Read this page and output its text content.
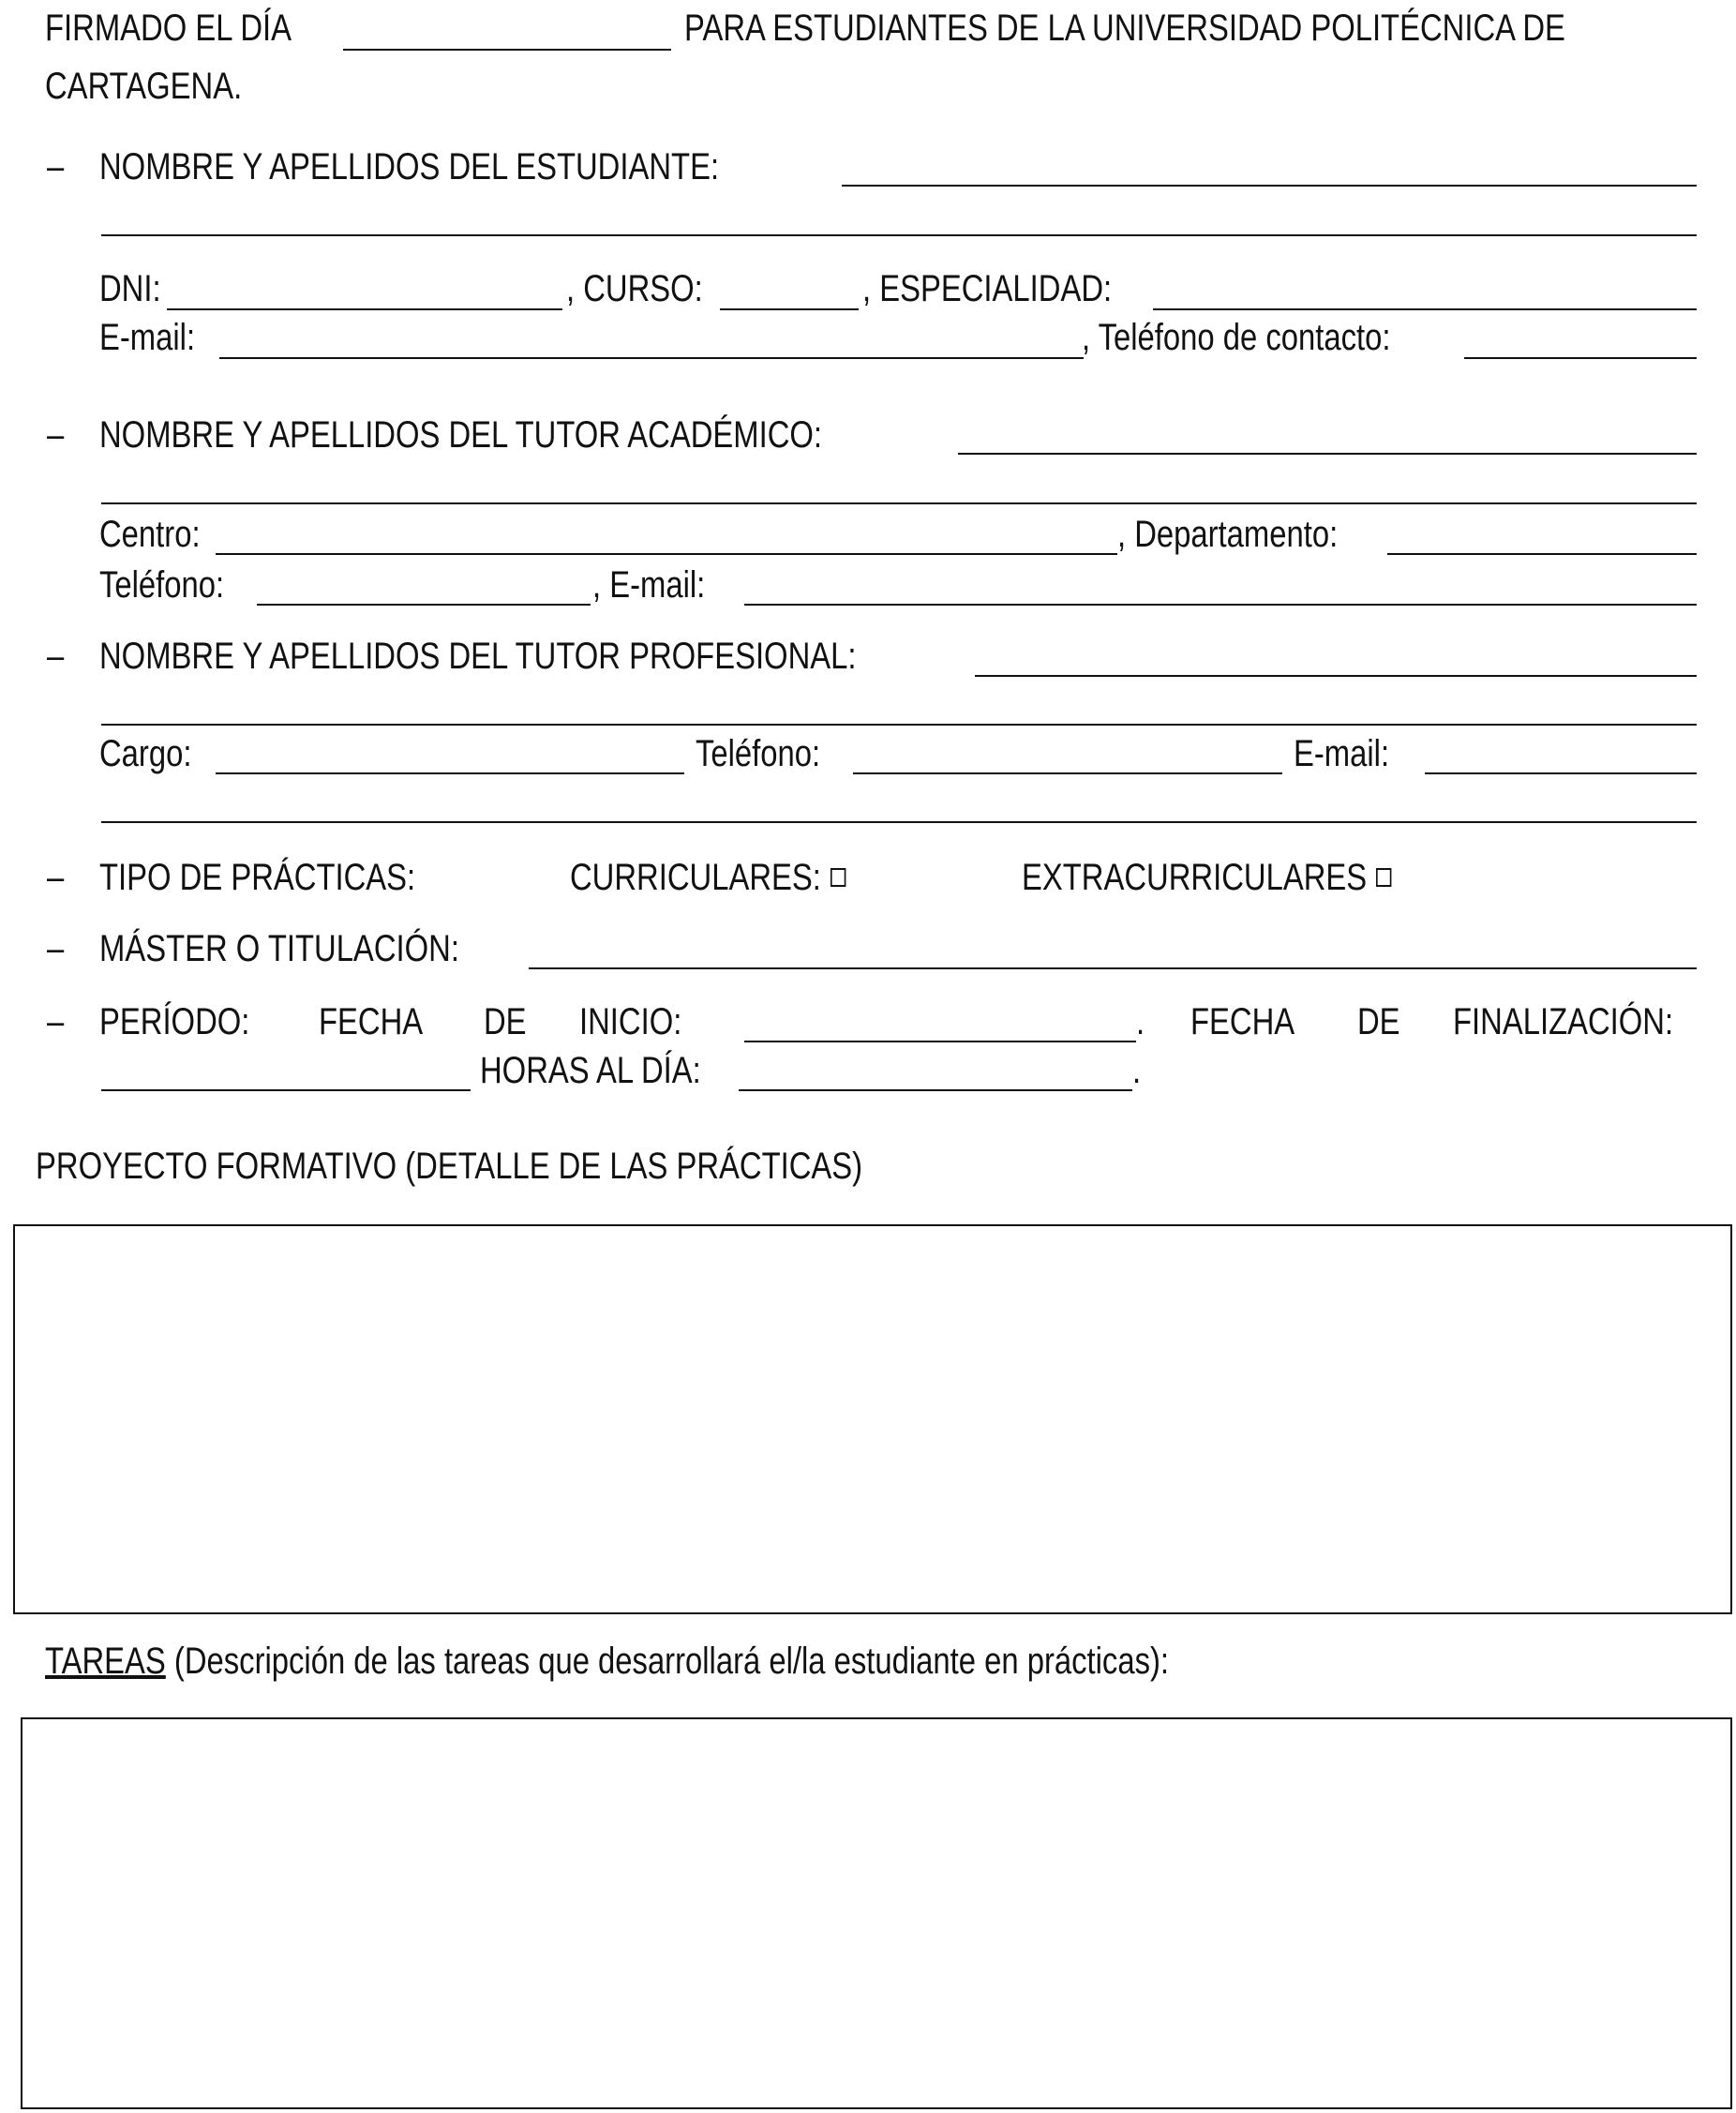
FIRMADO EL DÍA	PARA ESTUDIANTES DE LA UNIVERSIDAD POLITÉCNICA DE
CARTAGENA.
– NOMBRE Y APELLIDOS DEL ESTUDIANTE:
DNI:	, CURSO:	, ESPECIALIDAD:
E-mail:	, Teléfono de contacto:
– NOMBRE Y APELLIDOS DEL TUTOR ACADÉMICO:
Centro:	, Departamento:
Teléfono:	, E-mail:
– NOMBRE Y APELLIDOS DEL TUTOR PROFESIONAL:
Cargo:	Teléfono:	E-mail:
– TIPO DE PRÁCTICAS:	CURRICULARES:	EXTRACURRICULARES
– MÁSTER O TITULACIÓN:
– PERÍODO: FECHA DE INICIO:	. FECHA DE FINALIZACIÓN:
HORAS AL DÍA:	.
PROYECTO FORMATIVO (DETALLE DE LAS PRÁCTICAS)
TAREAS (Descripción de las tareas que desarrollará el/la estudiante en prácticas):
